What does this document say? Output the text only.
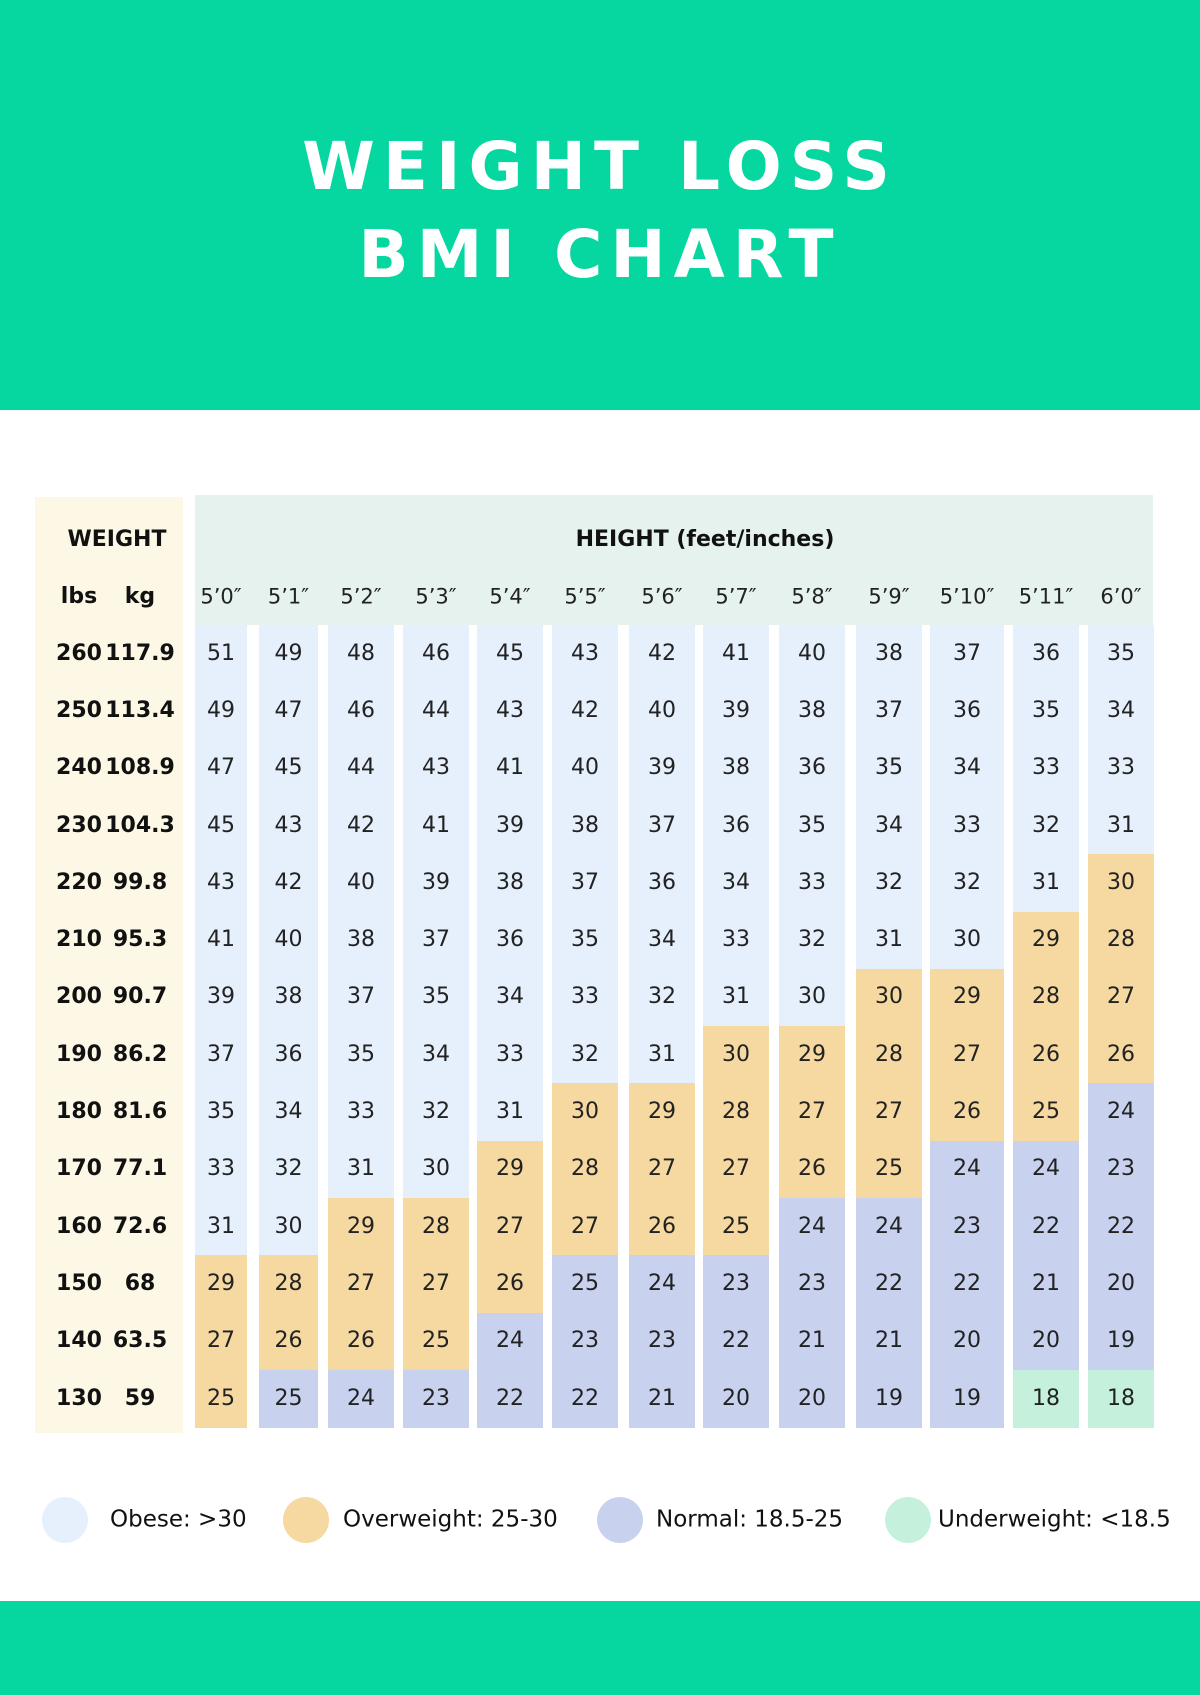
WEIGHT LOSS
BMI CHART
WEIGHT
lbs kg
HEIGHT (feet/inches)
5’0″ 5’1″ 5’2″ 5’3″ 5’4″ 5’5″ 5’6″ 5’7″ 5’8″ 5’9″ 5’10″ 5’11″ 6’0″
260 117.9 51 49 48 46 45 43 42 41 40 38 37 36 35
250 113.4 49 47 46 44 43 42 40 39 38 37 36 35 34
240 108.9 47 45 44 43 41 40 39 38 36 35 34 33 33
230 104.3 45 43 42 41 39 38 37 36 35 34 33 32 31
220 99.8 43 42 40 39 38 37 36 34 33 32 32 31 30
210 95.3 41 40 38 37 36 35 34 33 32 31 30 29 28
200 90.7 39 38 37 35 34 33 32 31 30 30 29 28 27
190 86.2 37 36 35 34 33 32 31 30 29 28 27 26 26
180 81.6 35 34 33 32 31 30 29 28 27 27 26 25 24
170 77.1 33 32 31 30 29 28 27 27 26 25 24 24 23
160 72.6 31 30 29 28 27 27 26 25 24 24 23 22 22
150 68 29 28 27 27 26 25 24 23 23 22 22 21 20
140 63.5 27 26 26 25 24 23 23 22 21 21 20 20 19
130 59 25 25 24 23 22 22 21 20 20 19 19 18 18
Obese: >30	Overweight: 25-30	Normal: 18.5-25	Underweight: <18.5
